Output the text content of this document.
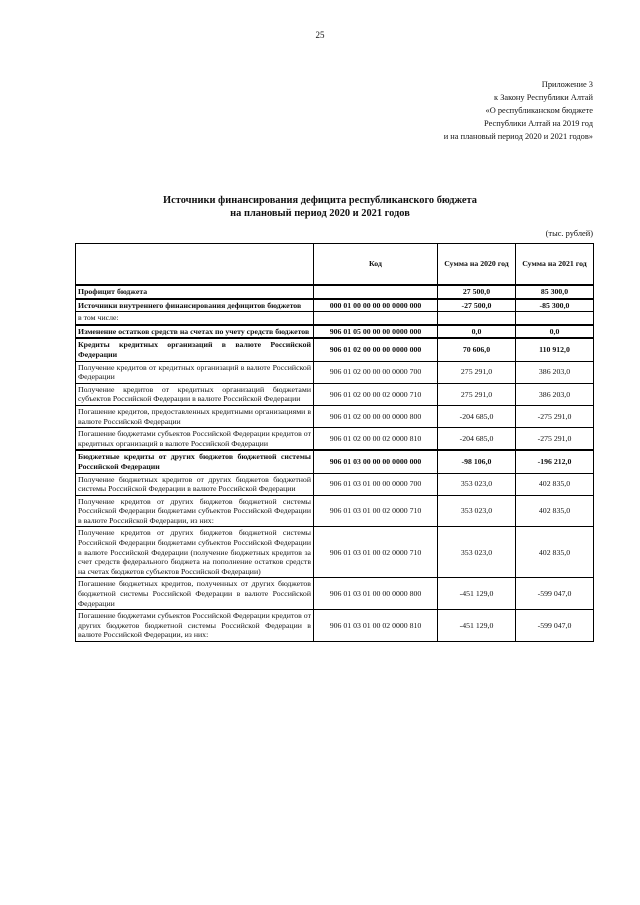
25
Приложение 3
к Закону Республики Алтай
«О республиканском бюджете
Республики Алтай на 2019 год
и на плановый период 2020 и 2021 годов»
Источники финансирования дефицита республиканского бюджета
на плановый период 2020 и 2021 годов
(тыс. рублей)
	Код	Сумма на 2020 год	Сумма на 2021 год
Профицит бюджета		27 500,0	85 300,0
Источники внутреннего финансирования дефицитов бюджетов	000 01 00 00 00 00 0000 000	-27 500,0	-85 300,0
в том числе:			
Изменение остатков средств на счетах по учету средств бюджетов	906 01 05 00 00 00 0000 000	0,0	0,0
Кредиты кредитных организаций в валюте Российской Федерации	906 01 02 00 00 00 0000 000	70 606,0	110 912,0
Получение кредитов от кредитных организаций в валюте Российской Федерации	906 01 02 00 00 00 0000 700	275 291,0	386 203,0
Получение кредитов от кредитных организаций бюджетами субъектов Российской Федерации в валюте Российской Федерации	906 01 02 00 00 02 0000 710	275 291,0	386 203,0
Погашение кредитов, предоставленных кредитными организациями в валюте Российской Федерации	906 01 02 00 00 00 0000 800	-204 685,0	-275 291,0
Погашение бюджетами субъектов Российской Федерации кредитов от кредитных организаций в валюте Российской Федерации	906 01 02 00 00 02 0000 810	-204 685,0	-275 291,0
Бюджетные кредиты от других бюджетов бюджетной системы Российской Федерации	906 01 03 00 00 00 0000 000	-98 106,0	-196 212,0
Получение бюджетных кредитов от других бюджетов бюджетной системы Российской Федерации в валюте Российской Федерации	906 01 03 01 00 00 0000 700	353 023,0	402 835,0
Получение кредитов от других бюджетов бюджетной системы Российской Федерации бюджетами субъектов Российской Федерации в валюте Российской Федерации, из них:	906 01 03 01 00 02 0000 710	353 023,0	402 835,0
Получение кредитов от других бюджетов бюджетной системы Российской Федерации бюджетами субъектов Российской Федерации в валюте Российской Федерации (получение бюджетных кредитов за счет средств федерального бюджета на пополнение остатков средств на счетах бюджетов субъектов Российской Федерации)	906 01 03 01 00 02 0000 710	353 023,0	402 835,0
Погашение бюджетных кредитов, полученных от других бюджетов бюджетной системы Российской Федерации в валюте Российской Федерации	906 01 03 01 00 00 0000 800	-451 129,0	-599 047,0
Погашение бюджетами субъектов Российской Федерации кредитов от других бюджетов бюджетной системы Российской Федерации в валюте Российской Федерации, из них:	906 01 03 01 00 02 0000 810	-451 129,0	-599 047,0
